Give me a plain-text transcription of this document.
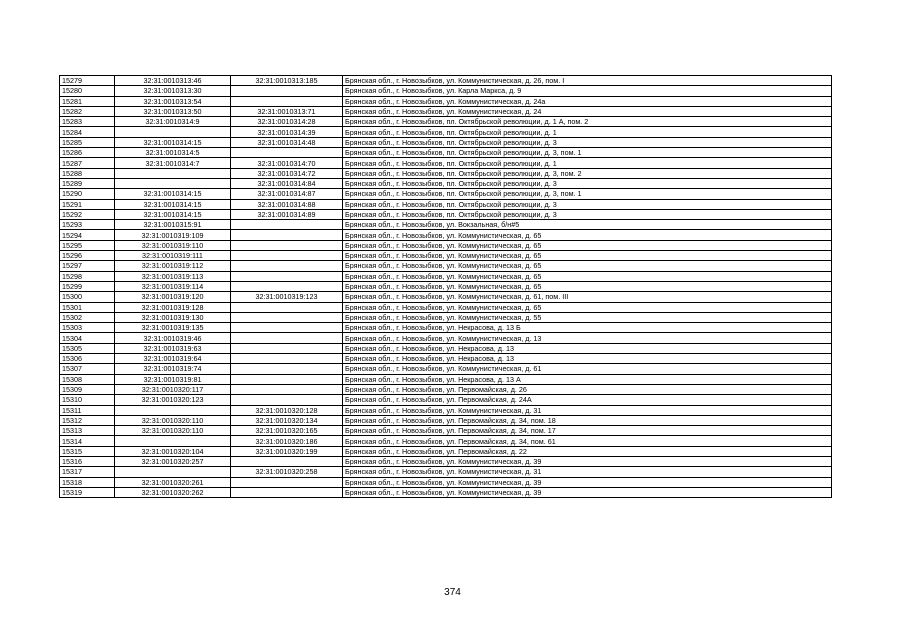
15279	32:31:0010313:46	32:31:0010313:185	Брянская обл., г. Новозыбков, ул. Коммунистическая, д. 26, пом. I
15280	32:31:0010313:30		Брянская обл., г. Новозыбков, ул. Карла Маркса, д. 9
15281	32:31:0010313:54		Брянская обл., г. Новозыбков, ул. Коммунистическая, д. 24а
15282	32:31:0010313:50	32:31:0010313:71	Брянская обл., г. Новозыбков, ул. Коммунистическая, д. 24
15283	32:31:0010314:9	32:31:0010314:28	Брянская обл., г. Новозыбков, пл. Октябрьской революции, д. 1 А, пом. 2
15284		32:31:0010314:39	Брянская обл., г. Новозыбков, пл. Октябрьской революции, д. 1
15285	32:31:0010314:15	32:31:0010314:48	Брянская обл., г. Новозыбков, пл. Октябрьской революции, д. 3
15286	32:31:0010314:5		Брянская обл., г. Новозыбков, пл. Октябрьской революции, д. 3, пом. 1
15287	32:31:0010314:7	32:31:0010314:70	Брянская обл., г. Новозыбков, пл. Октябрьской революции, д. 1
15288		32:31:0010314:72	Брянская обл., г. Новозыбков, пл. Октябрьской революции, д. 3, пом. 2
15289		32:31:0010314:84	Брянская обл., г. Новозыбков, пл. Октябрьской революции, д. 3
15290	32:31:0010314:15	32:31:0010314:87	Брянская обл., г. Новозыбков, пл. Октябрьской революции, д. 3, пом. 1
15291	32:31:0010314:15	32:31:0010314:88	Брянская обл., г. Новозыбков, пл. Октябрьской революции, д. 3
15292	32:31:0010314:15	32:31:0010314:89	Брянская обл., г. Новозыбков, пл. Октябрьской революции, д. 3
15293	32:31:0010315:91		Брянская обл., г. Новозыбков, ул. Вокзальная, б/н#5
15294	32:31:0010319:109		Брянская обл., г. Новозыбков, ул. Коммунистическая, д. 65
15295	32:31:0010319:110		Брянская обл., г. Новозыбков, ул. Коммунистическая, д. 65
15296	32:31:0010319:111		Брянская обл., г. Новозыбков, ул. Коммунистическая, д. 65
15297	32:31:0010319:112		Брянская обл., г. Новозыбков, ул. Коммунистическая, д. 65
15298	32:31:0010319:113		Брянская обл., г. Новозыбков, ул. Коммунистическая, д. 65
15299	32:31:0010319:114		Брянская обл., г. Новозыбков, ул. Коммунистическая, д. 65
15300	32:31:0010319:120	32:31:0010319:123	Брянская обл., г. Новозыбков, ул. Коммунистическая, д. 61, пом. III
15301	32:31:0010319:128		Брянская обл., г. Новозыбков, ул. Коммунистическая, д. 65
15302	32:31:0010319:130		Брянская обл., г. Новозыбков, ул. Коммунистическая, д. 55
15303	32:31:0010319:135		Брянская обл., г. Новозыбков, ул. Некрасова, д. 13 Б
15304	32:31:0010319:46		Брянская обл., г. Новозыбков, ул. Коммунистическая, д. 13
15305	32:31:0010319:63		Брянская обл., г. Новозыбков, ул. Некрасова, д. 13
15306	32:31:0010319:64		Брянская обл., г. Новозыбков, ул. Некрасова, д. 13
15307	32:31:0010319:74		Брянская обл., г. Новозыбков, ул. Коммунистическая, д. 61
15308	32:31:0010319:81		Брянская обл., г. Новозыбков, ул. Некрасова, д. 13 А
15309	32:31:0010320:117		Брянская обл., г. Новозыбков, ул. Первомайская, д. 26
15310	32:31:0010320:123		Брянская обл., г. Новозыбков, ул. Первомайская, д. 24А
15311		32:31:0010320:128	Брянская обл., г. Новозыбков, ул. Коммунистическая, д. 31
15312	32:31:0010320:110	32:31:0010320:134	Брянская обл., г. Новозыбков, ул. Первомайская, д. 34, пом. 18
15313	32:31:0010320:110	32:31:0010320:165	Брянская обл., г. Новозыбков, ул. Первомайская, д. 34, пом. 17
15314		32:31:0010320:186	Брянская обл., г. Новозыбков, ул. Первомайская, д. 34, пом. 61
15315	32:31:0010320:104	32:31:0010320:199	Брянская обл., г. Новозыбков, ул. Первомайская, д. 22
15316	32:31:0010320:257		Брянская обл., г. Новозыбков, ул. Коммунистическая, д. 39
15317		32:31:0010320:258	Брянская обл., г. Новозыбков, ул. Коммунистическая, д. 31
15318	32:31:0010320:261		Брянская обл., г. Новозыбков, ул. Коммунистическая, д. 39
15319	32:31:0010320:262		Брянская обл., г. Новозыбков, ул. Коммунистическая, д. 39
374
